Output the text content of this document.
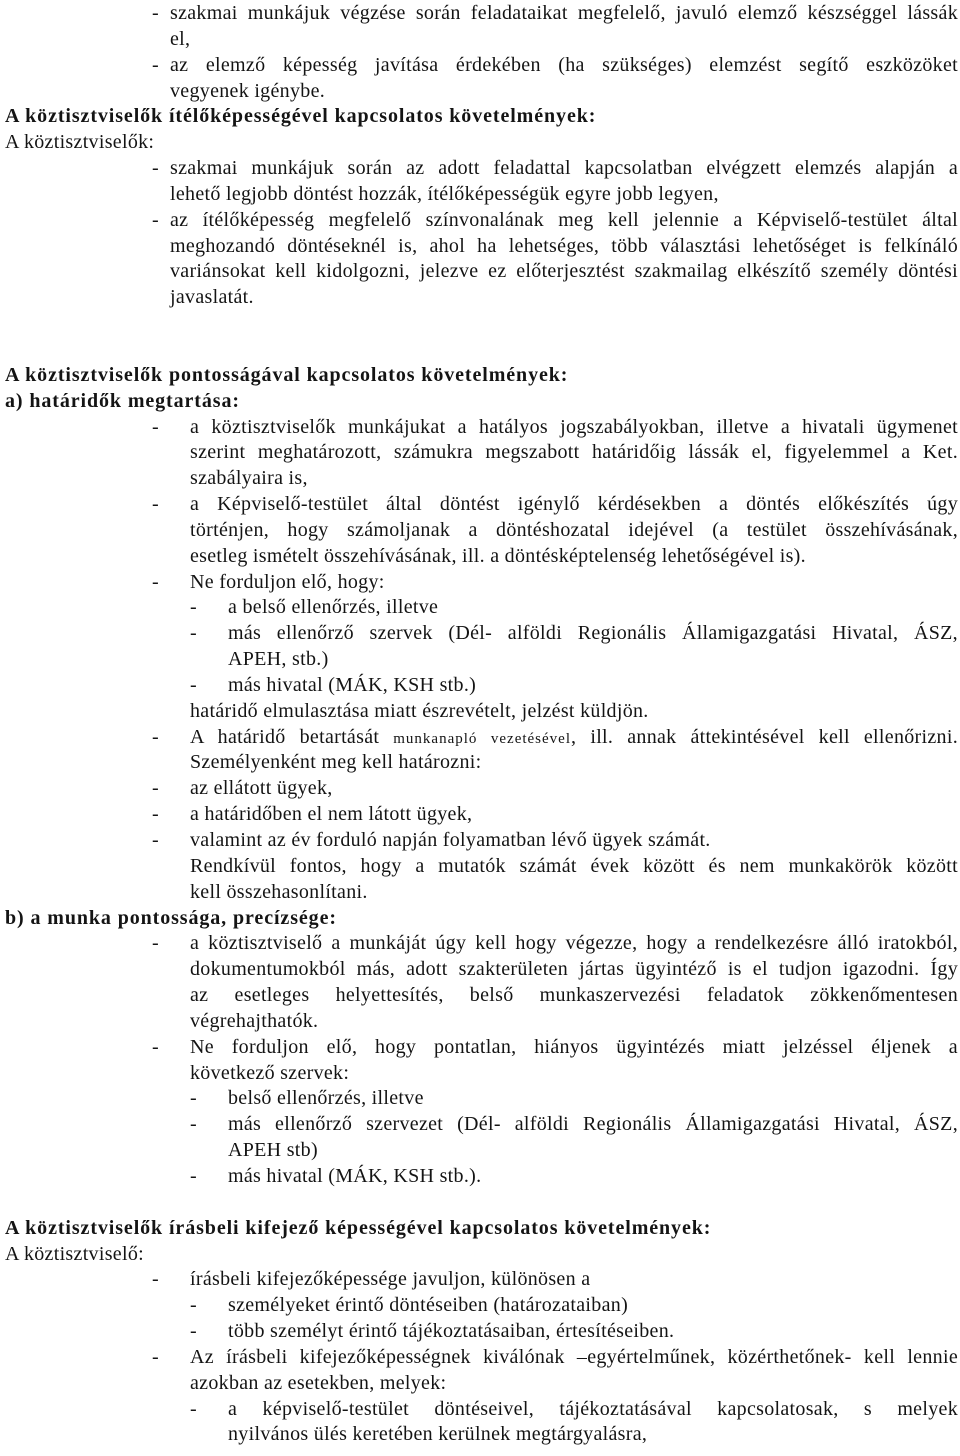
- szakmai munkájuk végzése során feladataikat megfelelő, javuló elemző készséggel lássák
el,
- az elemző képesség javítása érdekében (ha szükséges) elemzést segítő eszközöket
vegyenek igénybe.
A köztisztviselők ítélőképességével kapcsolatos követelmények:
A köztisztviselők:
- szakmai munkájuk során az adott feladattal kapcsolatban elvégzett elemzés alapján a
lehető legjobb döntést hozzák, ítélőképességük egyre jobb legyen,
- az ítélőképesség megfelelő színvonalának meg kell jelennie a Képviselő-testület által
meghozandó döntéseknél is, ahol ha lehetséges, több választási lehetőséget is felkínáló
variánsokat kell kidolgozni, jelezve ez előterjesztést szakmailag elkészítő személy döntési
javaslatát.
A köztisztviselők pontosságával kapcsolatos követelmények:
a) határidők megtartása:
- a köztisztviselők munkájukat a hatályos jogszabályokban, illetve a hivatali ügymenet
szerint meghatározott, számukra megszabott határidőig lássák el, figyelemmel a Ket.
szabályaira is,
- a Képviselő-testület által döntést igénylő kérdésekben a döntés előkészítés úgy
történjen, hogy számoljanak a döntéshozatal idejével (a testület összehívásának,
esetleg ismételt összehívásának, ill. a döntésképtelenség lehetőségével is).
- Ne forduljon elő, hogy:
- a belső ellenőrzés, illetve
- más ellenőrző szervek (Dél- alföldi Regionális Államigazgatási Hivatal, ÁSZ,
APEH, stb.)
- más hivatal (MÁK, KSH stb.)
határidő elmulasztása miatt észrevételt, jelzést küldjön.
- A határidő betartását munkanapló vezetésével, ill. annak áttekintésével kell ellenőrizni.
Személyenként meg kell határozni:
- az ellátott ügyek,
- a határidőben el nem látott ügyek,
- valamint az év forduló napján folyamatban lévő ügyek számát.
Rendkívül fontos, hogy a mutatók számát évek között és nem munkakörök között
kell összehasonlítani.
b) a munka pontossága, precízsége:
- a köztisztviselő a munkáját úgy kell hogy végezze, hogy a rendelkezésre álló iratokból,
dokumentumokból más, adott szakterületen jártas ügyintéző is el tudjon igazodni. Így
az esetleges helyettesítés, belső munkaszervezési feladatok zökkenőmentesen
végrehajthatók.
- Ne forduljon elő, hogy pontatlan, hiányos ügyintézés miatt jelzéssel éljenek a
következő szervek:
- belső ellenőrzés, illetve
- más ellenőrző szervezet (Dél- alföldi Regionális Államigazgatási Hivatal, ÁSZ,
APEH stb)
- más hivatal (MÁK, KSH stb.).
A köztisztviselők írásbeli kifejező képességével kapcsolatos követelmények:
A köztisztviselő:
- írásbeli kifejezőképessége javuljon, különösen a
- személyeket érintő döntéseiben (határozataiban)
- több személyt érintő tájékoztatásaiban, értesítéseiben.
- Az írásbeli kifejezőképességnek kiválónak –egyértelműnek, közérthetőnek- kell lennie
azokban az esetekben, melyek:
- a képviselő-testület döntéseivel, tájékoztatásával kapcsolatosak, s melyek
nyilvános ülés keretében kerülnek megtárgyalásra,
